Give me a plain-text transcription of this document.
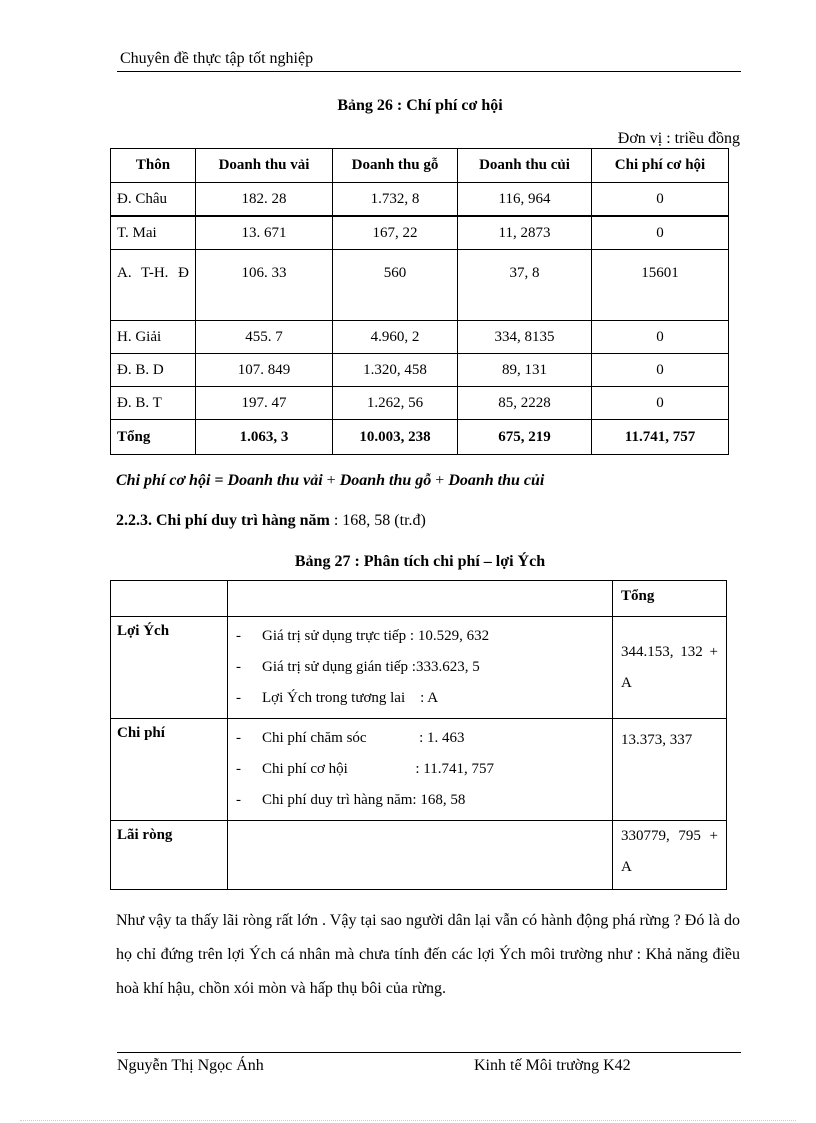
Chuyên đề thực tập tốt nghiệp
Bảng 26 : Chí phí cơ hội
Đơn vị : triều đồng
Thôn	Doanh thu vải	Doanh thu gỗ	Doanh thu củi	Chi phí cơ hội
Đ. Châu	182. 28	1.732, 8	116, 964	0
T. Mai	13. 671	167, 22	11, 2873	0
A. T-H. Đ	106. 33	560	37, 8	15601
H. Giải	455. 7	4.960, 2	334, 8135	0
Đ. B. D	107. 849	1.320, 458	89, 131	0
Đ. B. T	197. 47	1.262, 56	85, 2228	0
Tổng	1.063, 3	10.003, 238	675, 219	11.741, 757
Chi phí cơ hội = Doanh thu vải + Doanh thu gỗ + Doanh thu củi
2.2.3. Chi phí duy trì hàng năm : 168, 58 (tr.đ)
Bảng 27 : Phân tích chi phí – lợi Ých
		Tổng
Lợi Ých	- Giá trị sử dụng trực tiếp : 10.529, 632
- Giá trị sử dụng gián tiếp :333.623, 5
- Lợi Ých trong tương lai    : A	344.153, 132 + A
Chi phí	- Chi phí chăm sóc              : 1. 463
- Chi phí cơ hội                  : 11.741, 757
- Chi phí duy trì hàng năm: 168, 58	13.373, 337
Lãi ròng		330779, 795 + A
Như vậy ta thấy lãi ròng rất lớn . Vậy tại sao người dân lại vẫn có hành động phá rừng ? Đó là do họ chỉ đứng trên lợi Ých cá nhân mà chưa tính đến các lợi Ých môi trường như : Khả năng điều hoà khí hậu, chồn xói mòn và hấp thụ bôi của rừng.
Nguyễn Thị Ngọc Ánh	Kinh tế Môi trường K42
